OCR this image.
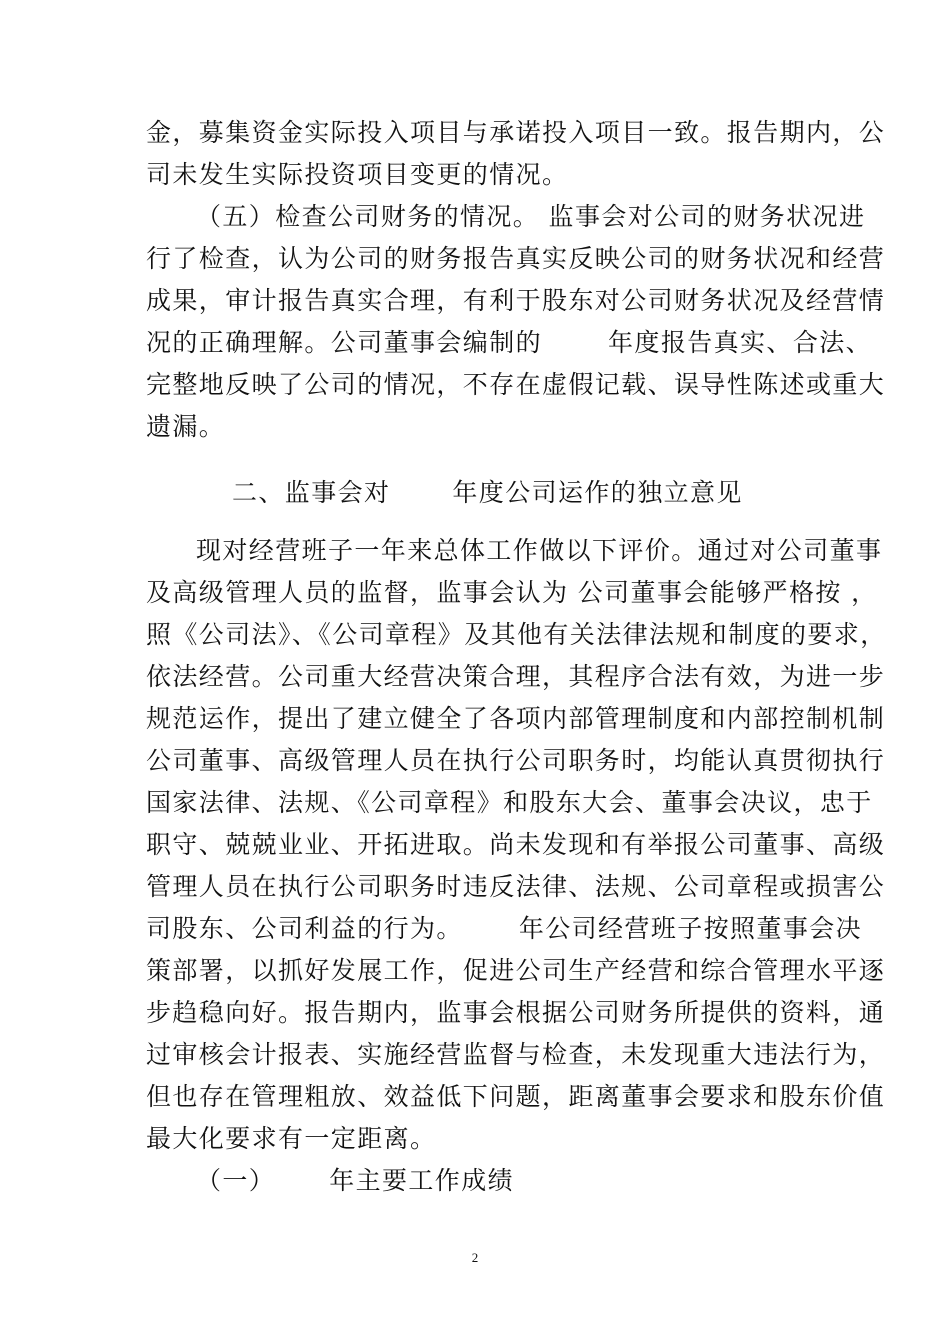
金，募集资金实际投入项目与承诺投入项目一致。报告期内，公
司未发生实际投资项目变更的情况。
（五）检查公司财务的情况。 监事会对公司的财务状况进
行了检查，认为公司的财务报告真实反映公司的财务状况和经营
成果，审计报告真实合理，有利于股东对公司财务状况及经营情
况的正确理解。公司董事会编制的	年度报告真实、合法、
完整地反映了公司的情况，不存在虚假记载、误导性陈述或重大
遗漏。
二、监事会对 年度公司运作的独立意见
现对经营班子一年来总体工作做以下评价。通过对公司董事
及高级管理人员的监督，监事会认为 公司董事会能够严格按 ，
照《公司法》、《公司章程》及其他有关法律法规和制度的要求，
依法经营。公司重大经营决策合理，其程序合法有效，为进一步
规范运作，提出了建立健全了各项内部管理制度和内部控制机制
公司董事、高级管理人员在执行公司职务时，均能认真贯彻执行
国家法律、法规、《公司章程》和股东大会、董事会决议，忠于
职守、兢兢业业、开拓进取。尚未发现和有举报公司董事、高级
管理人员在执行公司职务时违反法律、法规、公司章程或损害公
司股东、公司利益的行为。 年公司经营班子按照董事会决
策部署，以抓好发展工作，促进公司生产经营和综合管理水平逐
步趋稳向好。报告期内，监事会根据公司财务所提供的资料，通
过审核会计报表、实施经营监督与检查，未发现重大违法行为，
但也存在管理粗放、效益低下问题，距离董事会要求和股东价值
最大化要求有一定距离。
（一） 年主要工作成绩
2
